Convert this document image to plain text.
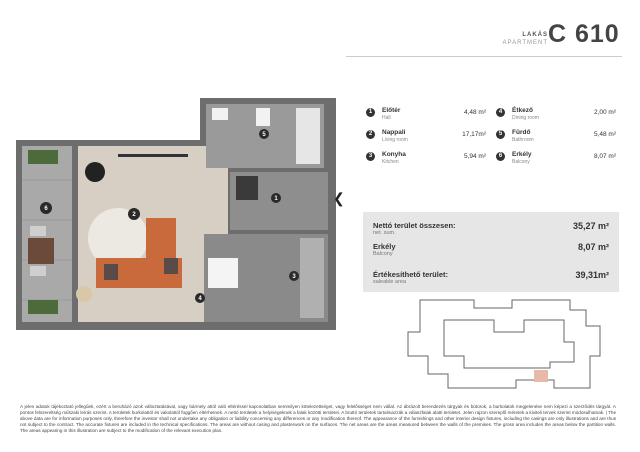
LAKÁS
APARTMENT C 610
1
2
3
4
5
6
❮
1	Előtér
Hall
4,48 m²
2	Nappali
Living room
17,17m²
3	Konyha
Kitchen
5,94 m²
4	Étkező
Dining room
2,00 m²
5	Fürdő
Bathroom
5,48 m²
6	Erkély
Balcony
8,07 m²
Nettó terület összesen:
net. sum.
35,27 m²
Erkély
Balcony
8,07 m²
Értékesíthető terület:
saleable area
39,31m²
A jelen adatok tájékoztató jellegűek, ezért a beruházó azok változtatásával, vagy bármely attól való eltéréssel kapcsolatban semmilyen kötelezettséget, vagy felelősséget nem vállal. Az ábrázolt berendezés tárgyak és bútorok, a burkolatok megjelenése nem képezi a szerződés tárgyát. A pontos felszereltség műszaki leírás szerint. A területek burkolattól és vakolattól függően eltérhetnek. A nettó területek a helyiségeknek a falak közötti területei. A bruttó területek tartalmazzák a válaszfalak alatti területet. Jelen rajzon szereplő méretek a kiviteli tervek szerint módosulhatnak. | The above data are for information purposes only, therefore the investor shall not undertake any obligation or liability concerning any differences or any modification thereof. The appearance of the furnishings and other interior design fixtures, including the casings are only illustrations and are thus not subject to the contract. The accurate fixtures are included in the technical specifications. The areas are without casing and plasterwork on the surfaces. The net areas are the areas measured between the walls of the premises. The gross area includes the areas below the partition walls. The areas appearing in this illustration are subject to the modification of the relevant execution plan.
